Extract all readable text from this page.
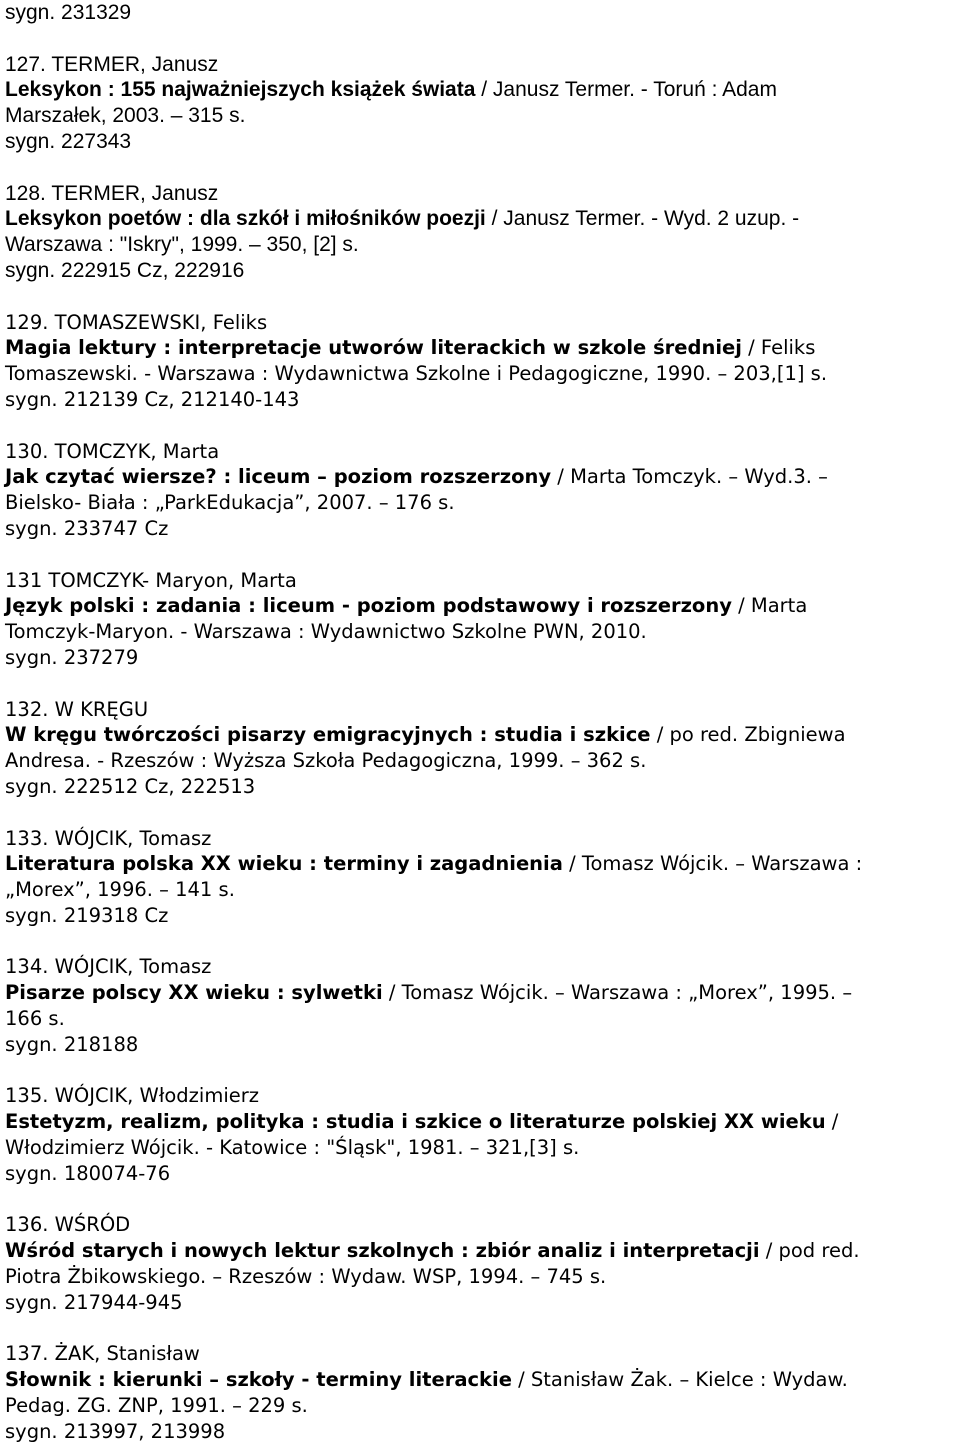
sygn. 231329
127. TERMER, Janusz
Leksykon : 155 najważniejszych książek świata / Janusz Termer. - Toruń : Adam
Marszałek, 2003. – 315 s.
sygn. 227343
128. TERMER, Janusz
Leksykon poetów : dla szkół i miłośników poezji / Janusz Termer. - Wyd. 2 uzup. -
Warszawa : "Iskry", 1999. – 350, [2] s.
sygn. 222915 Cz, 222916
129. TOMASZEWSKI, Feliks
Magia lektury : interpretacje utworów literackich w szkole średniej / Feliks
Tomaszewski. - Warszawa : Wydawnictwa Szkolne i Pedagogiczne, 1990. – 203,[1] s.
sygn. 212139 Cz, 212140-143
130. TOMCZYK, Marta
Jak czytać wiersze? : liceum – poziom rozszerzony / Marta Tomczyk. – Wyd.3. –
Bielsko- Biała : „ParkEdukacja”, 2007. – 176 s.
sygn. 233747 Cz
131 TOMCZYK- Maryon, Marta
Język polski : zadania : liceum - poziom podstawowy i rozszerzony / Marta
Tomczyk-Maryon. - Warszawa : Wydawnictwo Szkolne PWN, 2010.
sygn. 237279
132. W KRĘGU
W kręgu twórczości pisarzy emigracyjnych : studia i szkice / po red. Zbigniewa
Andresa. - Rzeszów : Wyższa Szkoła Pedagogiczna, 1999. – 362 s.
sygn. 222512 Cz, 222513
133. WÓJCIK, Tomasz
Literatura polska XX wieku : terminy i zagadnienia / Tomasz Wójcik. – Warszawa :
„Morex”, 1996. – 141 s.
sygn. 219318 Cz
134. WÓJCIK, Tomasz
Pisarze polscy XX wieku : sylwetki / Tomasz Wójcik. – Warszawa : „Morex”, 1995. –
166 s.
sygn. 218188
135. WÓJCIK, Włodzimierz
Estetyzm, realizm, polityka : studia i szkice o literaturze polskiej XX wieku /
Włodzimierz Wójcik. - Katowice : "Śląsk", 1981. – 321,[3] s.
sygn. 180074-76
136. WŚRÓD
Wśród starych i nowych lektur szkolnych : zbiór analiz i interpretacji / pod red.
Piotra Żbikowskiego. – Rzeszów : Wydaw. WSP, 1994. – 745 s.
sygn. 217944-945
137. ŻAK, Stanisław
Słownik : kierunki – szkoły - terminy literackie / Stanisław Żak. – Kielce : Wydaw.
Pedag. ZG. ZNP, 1991. – 229 s.
sygn. 213997, 213998
